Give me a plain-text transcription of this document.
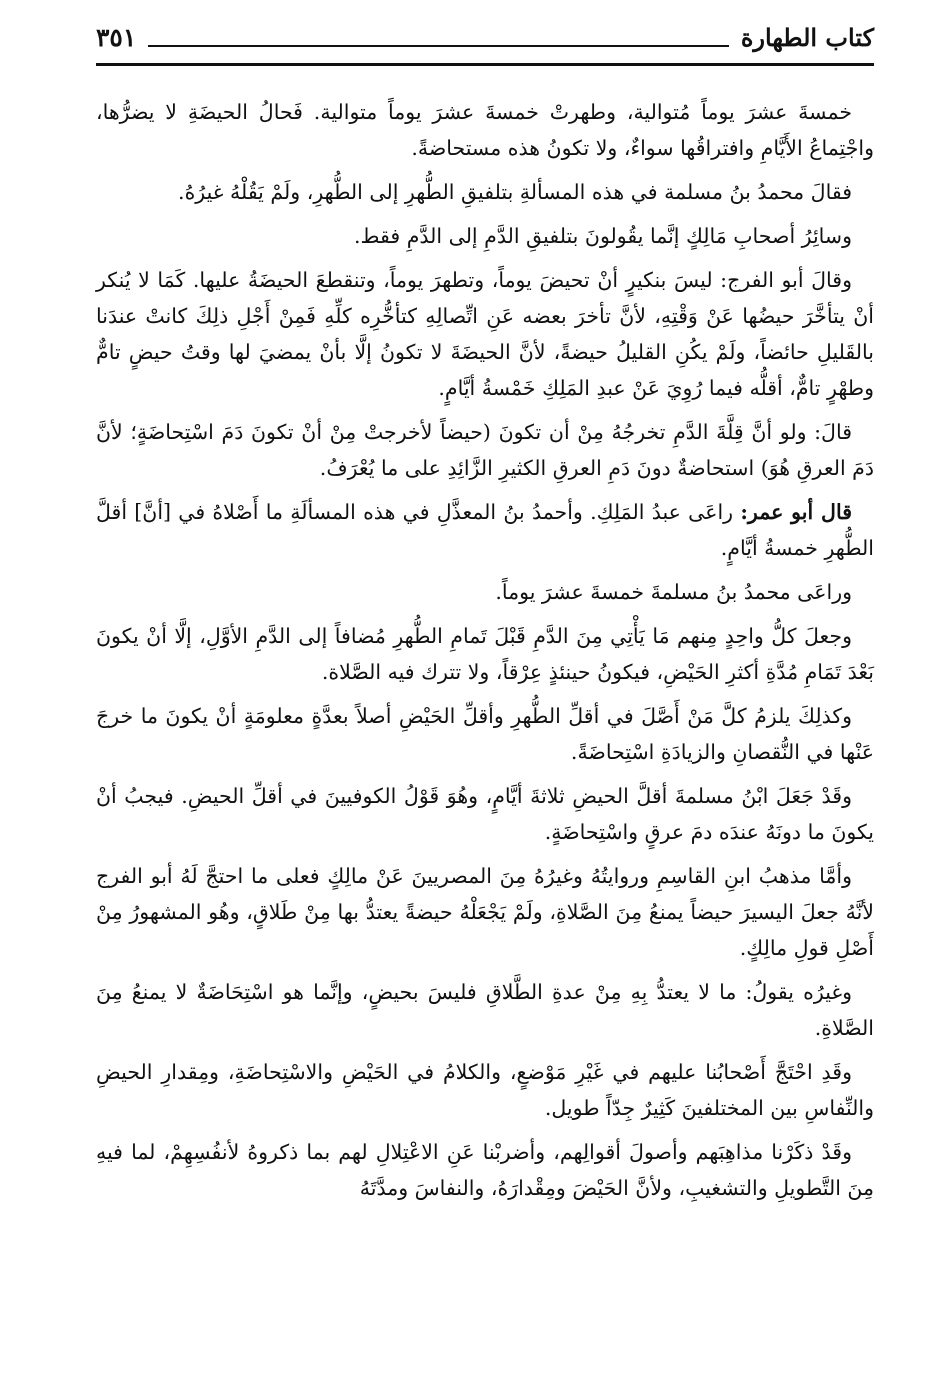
٣٥١	كتاب الطهارة

خمسةَ عشرَ يوماً مُتوالية، وطهرتْ خمسةَ عشرَ يوماً متوالية. فَحالُ الحيضَةِ لا يضرُّها، واجْتِماعُ الأَيَّامِ وافتراقُها سواءٌ، ولا تكونُ هذه مستحاضةً.

فقالَ محمدُ بنُ مسلمة في هذه المسألةِ بتلفيقِ الطُّهرِ إلى الطُّهرِ، ولَمْ يَقُلْهُ غيرُهُ.

وسائِرُ أصحابِ مَالِكٍ إنَّما يقُولونَ بتلفيقِ الدَّمِ إلى الدَّمِ فقط.

وقالَ أبو الفرج: ليسَ بنكيرٍ أنْ تحيضَ يوماً، وتطهرَ يوماً، وتنقطعَ الحيضَةُ عليها. كَمَا لا يُنكر أنْ يتأخَّرَ حيضُها عَنْ وَقْتِهِ، لأنَّ تأخرَ بعضه عَنِ اتِّصالِهِ كتأخُّرِه كلِّهِ فَمِنْ أَجْلِ ذلِكَ كانتْ عندَنا بالقَليلِ حائضاً، ولَمْ يكُنِ القليلُ حيضةً، لأنَّ الحيضَةَ لا تكونُ إلَّا بأنْ يمضيَ لها وقتُ حيضٍ تامٌّ وطهْرٍ تامٌّ، أقلُّه فيما رُوِيَ عَنْ عبدِ المَلِكِ خَمْسةُ أيَّامٍ.

قالَ: ولو أنَّ قِلَّةَ الدَّمِ تخرجُهُ مِنْ أن تكونَ (حيضاً لأخرجتْ مِنْ أنْ تكونَ دَمَ اسْتِحاضَةٍ؛ لأنَّ دَمَ العرقِ هُوَ) استحاضةٌ دونَ دَمِ العرقِ الكثيرِ الزَّائِدِ على ما يُعْرَفُ.

قال أبو عمر: راعَى عبدُ المَلِكِ. وأحمدُ بنُ المعذَّلِ في هذه المسألَةِ ما أَصْلاهُ في [أنَّ] أقلَّ الطُّهرِ خمسةُ أيَّامٍ.

وراعَى محمدُ بنُ مسلمةَ خمسةَ عشرَ يوماً.

وجعلَ كلُّ واحِدٍ مِنهم مَا يَأْتِي مِنَ الدَّمِ قَبْلَ تَمامِ الطُّهرِ مُضافاً إلى الدَّمِ الأوَّلِ، إلَّا أنْ يكونَ بَعْدَ تَمَامِ مُدَّةِ أكثرِ الحَيْضِ، فيكونُ حينئذٍ عِرْقاً، ولا تترك فيه الصَّلاة.

وكذلِكَ يلزمُ كلَّ مَنْ أَصَّلَ في أقلِّ الطُّهرِ وأقلِّ الحَيْضِ أصلاً بعدَّةٍ معلومَةٍ أنْ يكونَ ما خرجَ عَنْها في النُّقصانِ والزيادَةِ اسْتِحاضَةً.

وقَدْ جَعَلَ ابْنُ مسلمةَ أقلَّ الحيضِ ثلاثةَ أيَّامٍ، وهُوَ قَوْلُ الكوفيينَ في أقلِّ الحيضِ. فيجبُ أنْ يكونَ ما دونَهُ عندَه دمَ عرقٍ واسْتِحاضَةٍ.

وأمَّا مذهبُ ابنِ القاسِمِ وروايتُهُ وغيرُهُ مِنَ المصريينَ عَنْ مالِكٍ فعلى ما احتجَّ لَهُ أبو الفرج لأنَّهُ جعلَ اليسيرَ حيضاً يمنعُ مِنَ الصَّلاةِ، ولَمْ يَجْعَلْهُ حيضةً يعتدُّ بها مِنْ طَلاقٍ، وهُو المشهورُ مِنْ أَصْلِ قولِ مالِكٍ.

وغيرُه يقولُ: ما لا يعتدُّ بِهِ مِنْ عدةِ الطَّلاقِ فليسَ بحيضٍ، وإنَّما هو اسْتِحَاضَةٌ لا يمنعُ مِنَ الصَّلاةِ.

وقَدِ احْتَجَّ أَصْحابُنا عليهم في غَيْرِ مَوْضعٍ، والكلامُ في الحَيْضِ والاسْتِحاضَةِ، ومِقدارِ الحيضِ والنِّفاسِ بين المختلفينَ كَثِيرٌ جِدّاً طويل.

وقَدْ ذكَرْنا مذاهِبَهم وأصولَ أقوالِهم، وأضربْنا عَنِ الاعْتِلالِ لهم بما ذكروهُ لأنفُسِهِمْ، لما فيهِ مِنَ التَّطويلِ والتشغيبِ، ولأنَّ الحَيْضَ ومِقْدارَهُ، والنفاسَ ومدَّتَهُ
